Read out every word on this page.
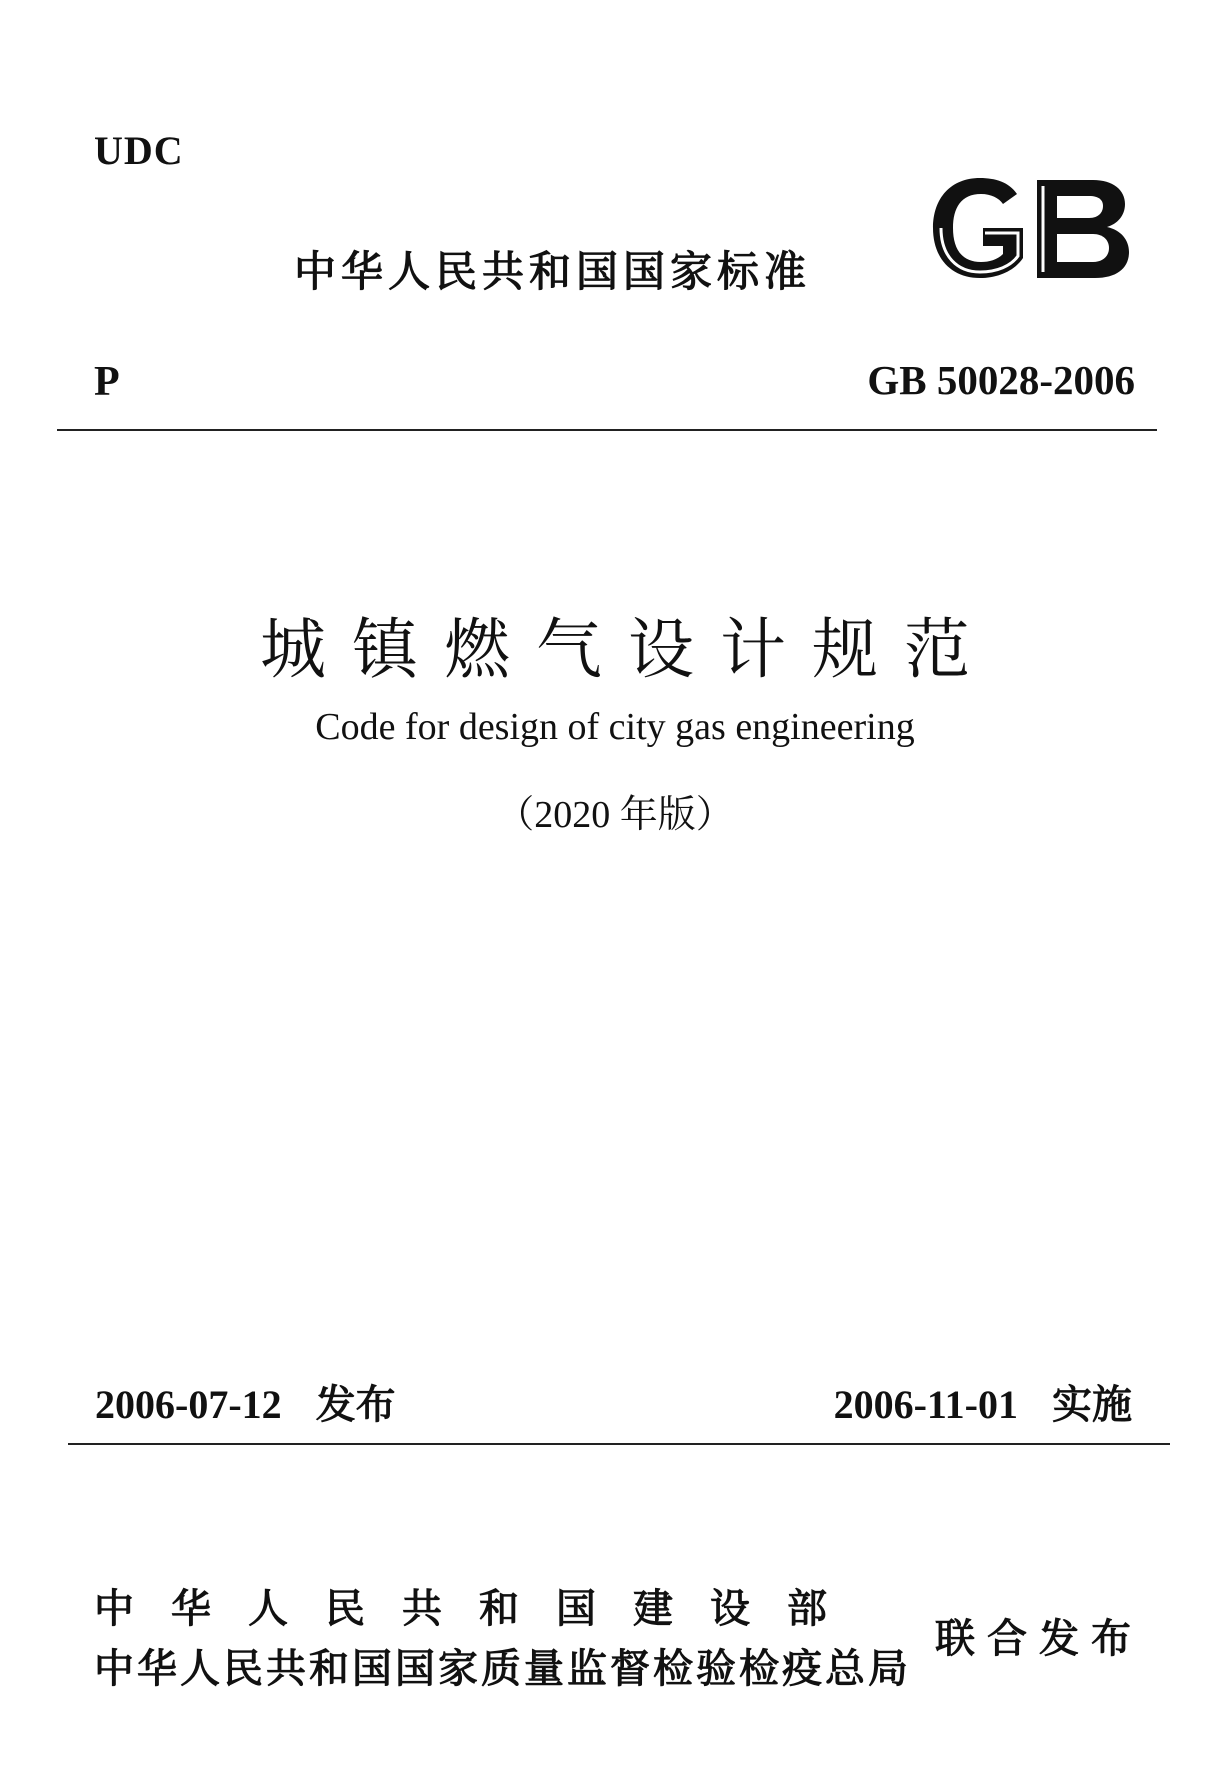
UDC
中华人民共和国国家标准
GB
P	GB 50028-2006
城镇燃气设计规范
Code for design of city gas engineering
（2020 年版）
2006-07-12 发布	2006-11-01 实施
中华人民共和国建设部
中华人民共和国国家质量监督检验检疫总局
联合发布
